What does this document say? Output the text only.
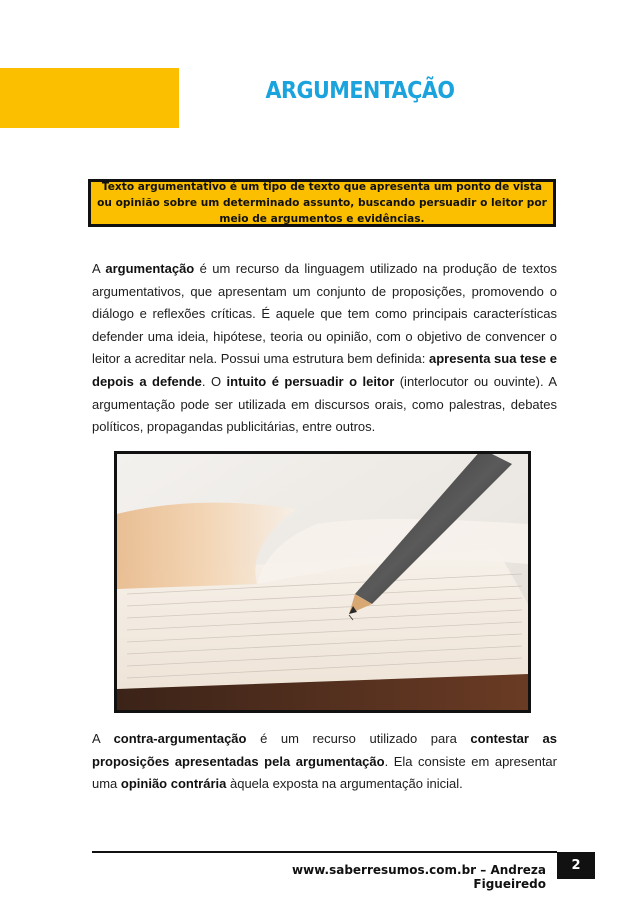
ARGUMENTAÇÃO
Texto argumentativo é um tipo de texto que apresenta um ponto de vista ou opinião sobre um determinado assunto, buscando persuadir o leitor por meio de argumentos e evidências.
A argumentação é um recurso da linguagem utilizado na produção de textos argumentativos, que apresentam um conjunto de proposições, promovendo o diálogo e reflexões críticas. É aquele que tem como principais características defender uma ideia, hipótese, teoria ou opinião, com o objetivo de convencer o leitor a acreditar nela. Possui uma estrutura bem definida: apresenta sua tese e depois a defende. O intuito é persuadir o leitor (interlocutor ou ouvinte). A argumentação pode ser utilizada em discursos orais, como palestras, debates políticos, propagandas publicitárias, entre outros.
A contra-argumentação é um recurso utilizado para contestar as proposições apresentadas pela argumentação. Ela consiste em apresentar uma opinião contrária àquela exposta na argumentação inicial.
www.saberresumos.com.br – Andreza Figueiredo
2
